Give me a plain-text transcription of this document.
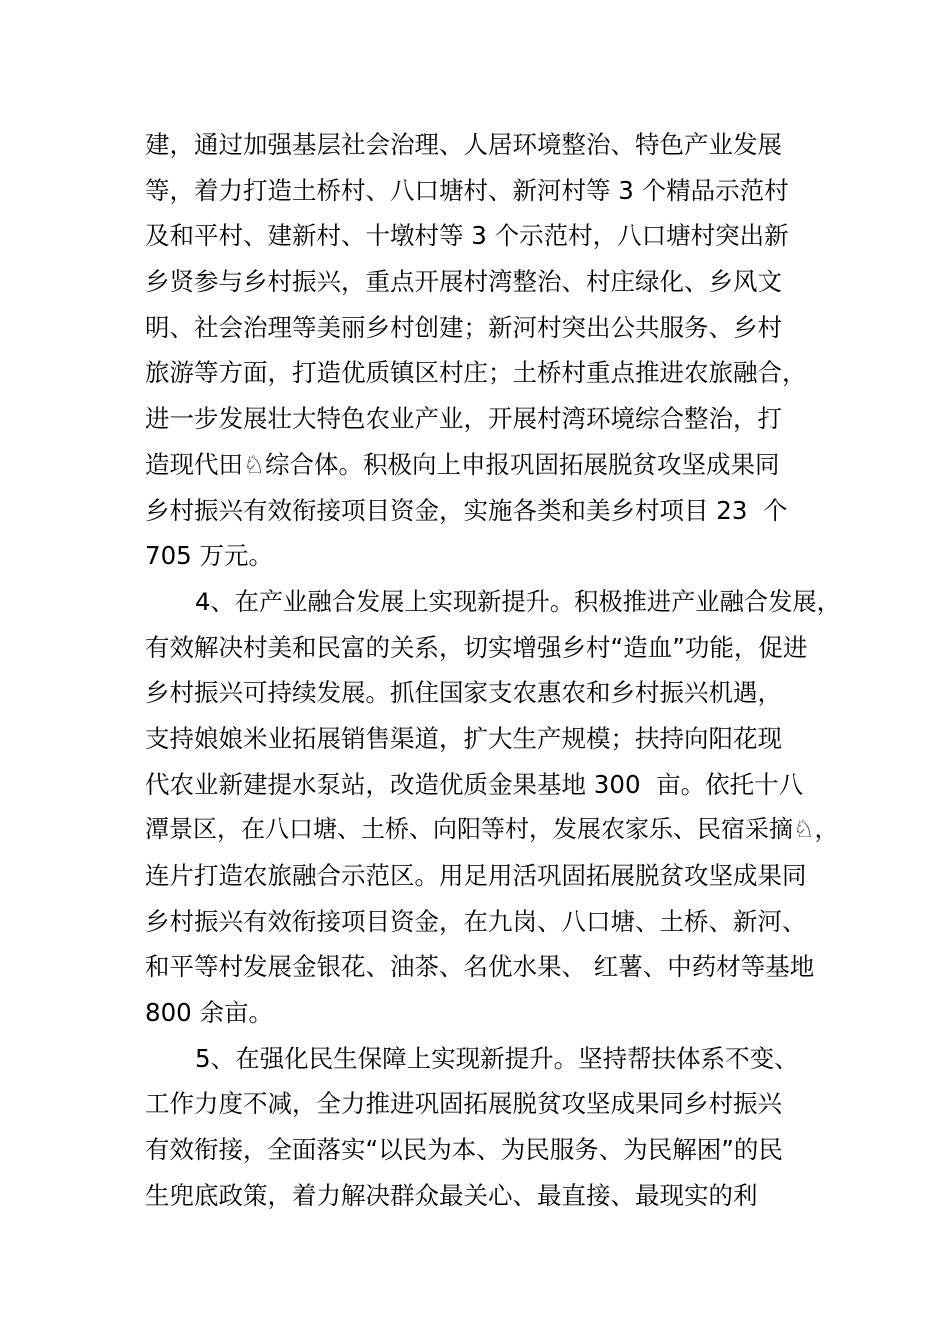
建，通过加强基层社会治理、人居环境整治、特色产业发展
等，着力打造土桥村、八口塘村、新河村等 3 个精品示范村
及和平村、建新村、十墩村等 3 个示范村，八口塘村突出新
乡贤参与乡村振兴，重点开展村湾整治、村庄绿化、乡风文
明、社会治理等美丽乡村创建；新河村突出公共服务、乡村
旅游等方面，打造优质镇区村庄；土桥村重点推进农旅融合，
进一步发展壮大特色农业产业，开展村湾环境综合整治，打
造现代田♘综合体。积极向上申报巩固拓展脱贫攻坚成果同
乡村振兴有效衔接项目资金，实施各类和美乡村项目 23  个
705 万元。
4、在产业融合发展上实现新提升。积极推进产业融合发展，
有效解决村美和民富的关系，切实增强乡村“造血”功能，促进
乡村振兴可持续发展。抓住国家支农惠农和乡村振兴机遇，
支持娘娘米业拓展销售渠道，扩大生产规模；扶持向阳花现
代农业新建提水泵站，改造优质金果基地 300  亩。依托十八
潭景区，在八口塘、土桥、向阳等村，发展农家乐、民宿采摘♘，
连片打造农旅融合示范区。用足用活巩固拓展脱贫攻坚成果同
乡村振兴有效衔接项目资金，在九岗、八口塘、土桥、新河、
和平等村发展金银花、油茶、名优水果、 红薯、中药材等基地
800 余亩。
5、在强化民生保障上实现新提升。坚持帮扶体系不变、
工作力度不减，全力推进巩固拓展脱贫攻坚成果同乡村振兴
有效衔接，全面落实“以民为本、为民服务、为民解困”的民
生兜底政策，着力解决群众最关心、最直接、最现实的利
